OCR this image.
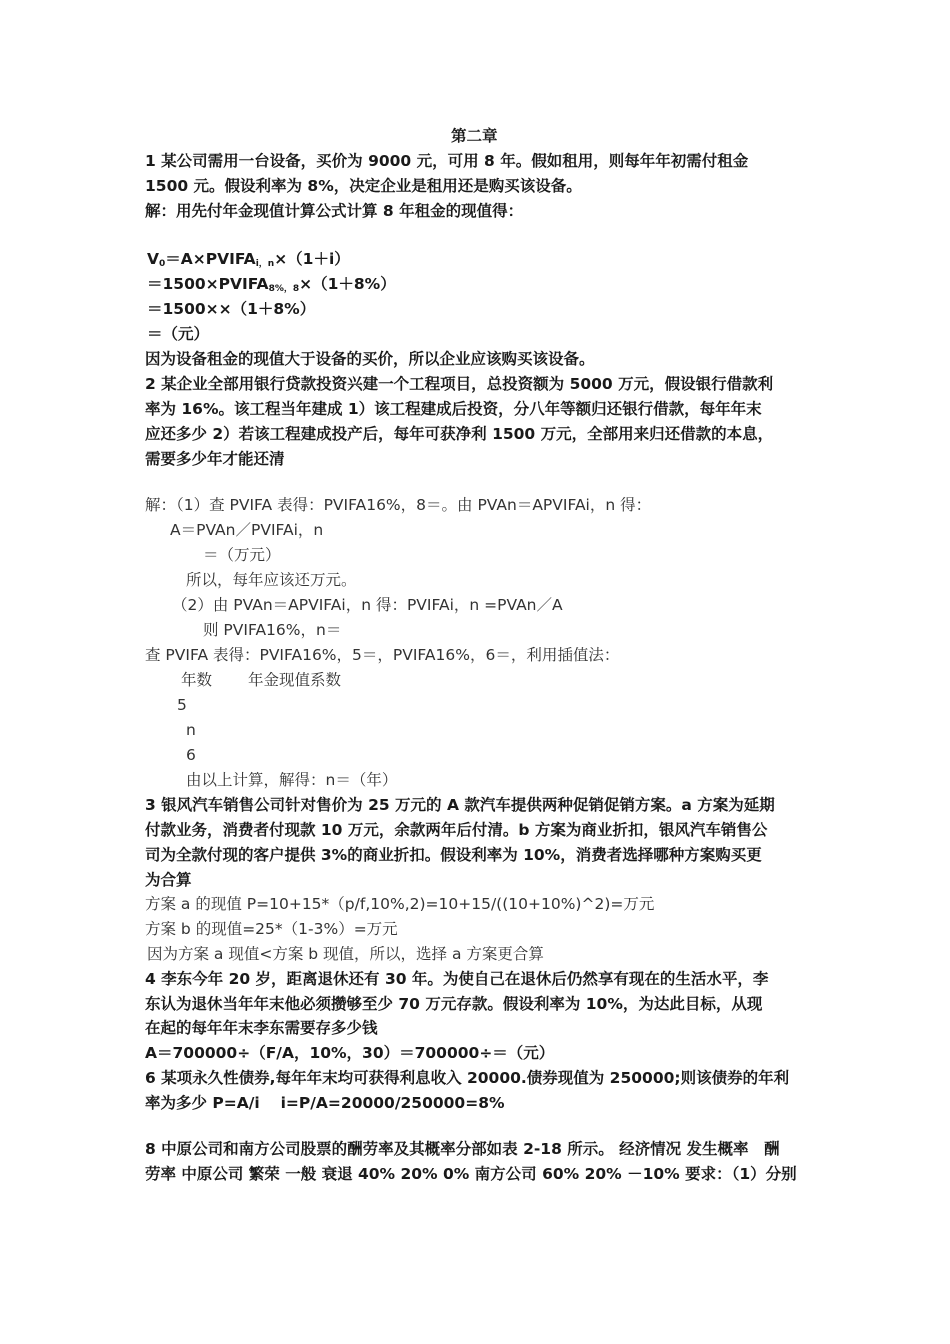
第二章
1 某公司需用一台设备，买价为 9000 元，可用 8 年。假如租用，则每年年初需付租金
1500 元。假设利率为 8%，决定企业是租用还是购买该设备。
解：用先付年金现值计算公式计算 8 年租金的现值得：
$V_0=A\times PVIFA_{i,n}\times(1+i)$
$=1500\times PVIFA_{8\%,8}\times(1+8\%)$
＝1500××（1＋8%）
＝（元）
因为设备租金的现值大于设备的买价，所以企业应该购买该设备。
2 某企业全部用银行贷款投资兴建一个工程项目，总投资额为 5000 万元，假设银行借款利
率为 16%。该工程当年建成 1）该工程建成后投资，分八年等额归还银行借款，每年年末
应还多少 2）若该工程建成投产后，每年可获净利 1500 万元，全部用来归还借款的本息，
需要多少年才能还清
解：（1）查 PVIFA 表得：PVIFA16%，8＝。由 PVAn＝APVIFAi，n 得：
A＝PVAn／PVIFAi，n
＝（万元）
所以，每年应该还万元。
（2）由 PVAn＝APVIFAi，n 得：PVIFAi，n =PVAn／A
则 PVIFA16%，n＝
查 PVIFA 表得：PVIFA16%，5＝，PVIFA16%，6＝，利用插值法：
年数 年金现值系数
5
n
6
由以上计算，解得：n＝（年）
3 银风汽车销售公司针对售价为 25 万元的 A 款汽车提供两种促销促销方案。a 方案为延期
付款业务，消费者付现款 10 万元，余款两年后付清。b 方案为商业折扣，银风汽车销售公
司为全款付现的客户提供 3%的商业折扣。假设利率为 10%，消费者选择哪种方案购买更
为合算
方案 a 的现值 P=10+15*（p/f,10%,2)=10+15/((10+10%)^2)=万元
方案 b 的现值=25*（1-3%）=万元
因为方案 a 现值<方案 b 现值，所以，选择 a 方案更合算
4 李东今年 20 岁，距离退休还有 30 年。为使自己在退休后仍然享有现在的生活水平，李
东认为退休当年年末他必须攒够至少 70 万元存款。假设利率为 10%，为达此目标，从现
在起的每年年末李东需要存多少钱
A＝700000÷（F/A，10%，30）＝700000÷＝（元）
6 某项永久性债券,每年年末均可获得利息收入 20000.债券现值为 250000;则该债券的年利
率为多少 P=A/i　 i=P/A=20000/250000=8%
8 中原公司和南方公司股票的酬劳率及其概率分部如表 2-18 所示。 经济情况 发生概率　酬
劳率 中原公司 繁荣 一般 衰退 40% 20% 0% 南方公司 60% 20% －10% 要求：（1）分别
